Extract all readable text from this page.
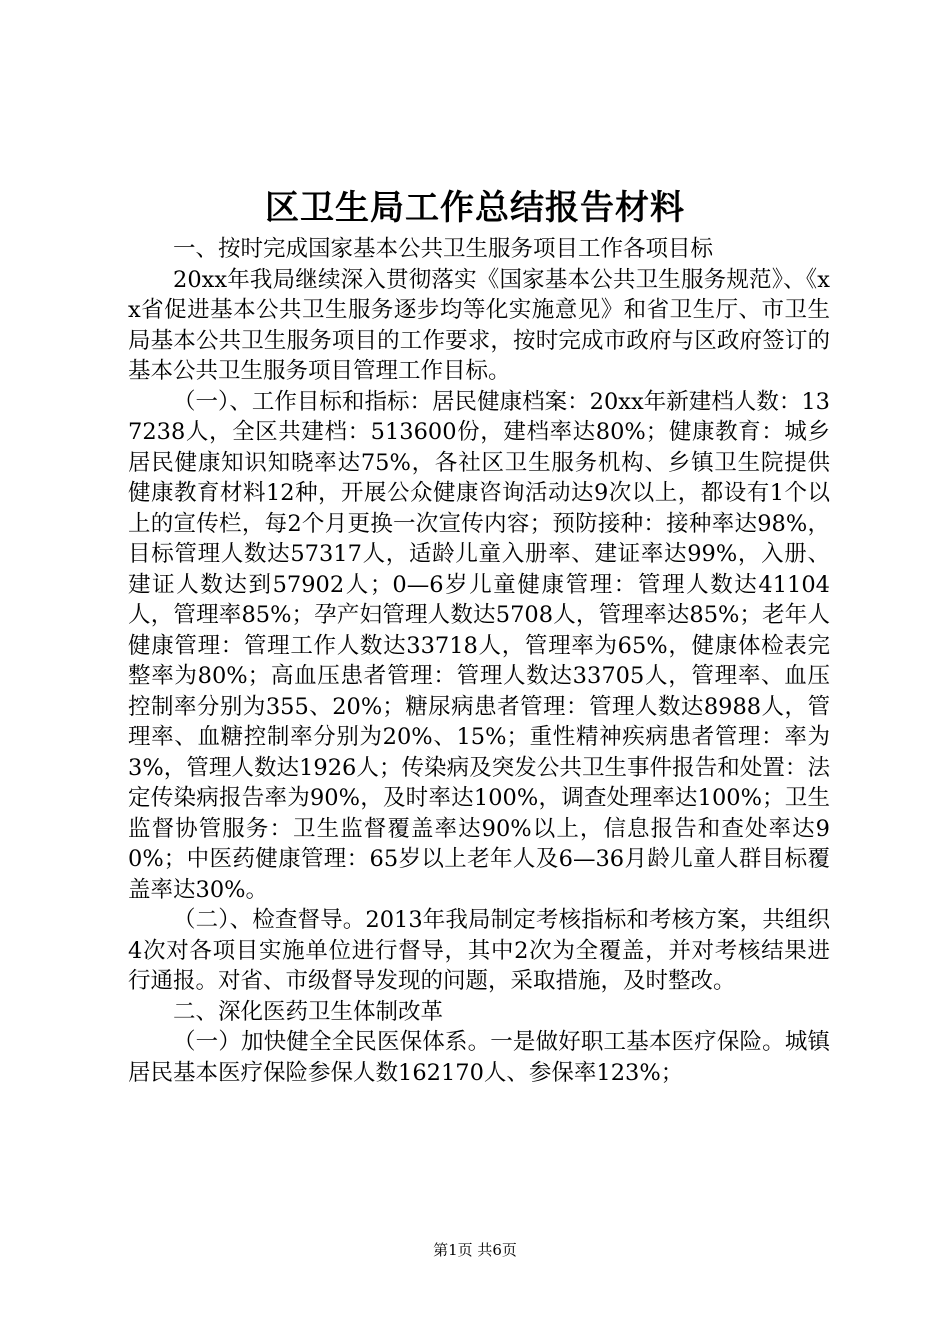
区卫生局工作总结报告材料

一、按时完成国家基本公共卫生服务项目工作各项目标

20xx年我局继续深入贯彻落实《国家基本公共卫生服务规范》、《xx省促进基本公共卫生服务逐步均等化实施意见》和省卫生厅、市卫生局基本公共卫生服务项目的工作要求，按时完成市政府与区政府签订的基本公共卫生服务项目管理工作目标。

（一）、工作目标和指标：居民健康档案：20xx年新建档人数：137238人，全区共建档：513600份，建档率达80%；健康教育：城乡居民健康知识知晓率达75%，各社区卫生服务机构、乡镇卫生院提供健康教育材料12种，开展公众健康咨询活动达9次以上，都设有1个以上的宣传栏，每2个月更换一次宣传内容；预防接种：接种率达98%，目标管理人数达57317人，适龄儿童入册率、建证率达99%，入册、建证人数达到57902人；0—6岁儿童健康管理：管理人数达41104人，管理率85%；孕产妇管理人数达5708人，管理率达85%；老年人健康管理：管理工作人数达33718人，管理率为65%，健康体检表完整率为80%；高血压患者管理：管理人数达33705人，管理率、血压控制率分别为355、20%；糖尿病患者管理：管理人数达8988人，管理率、血糖控制率分别为20%、15%；重性精神疾病患者管理：率为3%，管理人数达1926人；传染病及突发公共卫生事件报告和处置：法定传染病报告率为90%，及时率达100%，调查处理率达100%；卫生监督协管服务：卫生监督覆盖率达90%以上，信息报告和查处率达90%；中医药健康管理：65岁以上老年人及6—36月龄儿童人群目标覆盖率达30%。

（二）、检查督导。2013年我局制定考核指标和考核方案，共组织4次对各项目实施单位进行督导，其中2次为全覆盖，并对考核结果进行通报。对省、市级督导发现的问题，采取措施，及时整改。

二、深化医药卫生体制改革

（一）加快健全全民医保体系。一是做好职工基本医疗保险。城镇居民基本医疗保险参保人数162170人、参保率123%；

第1页 共6页
